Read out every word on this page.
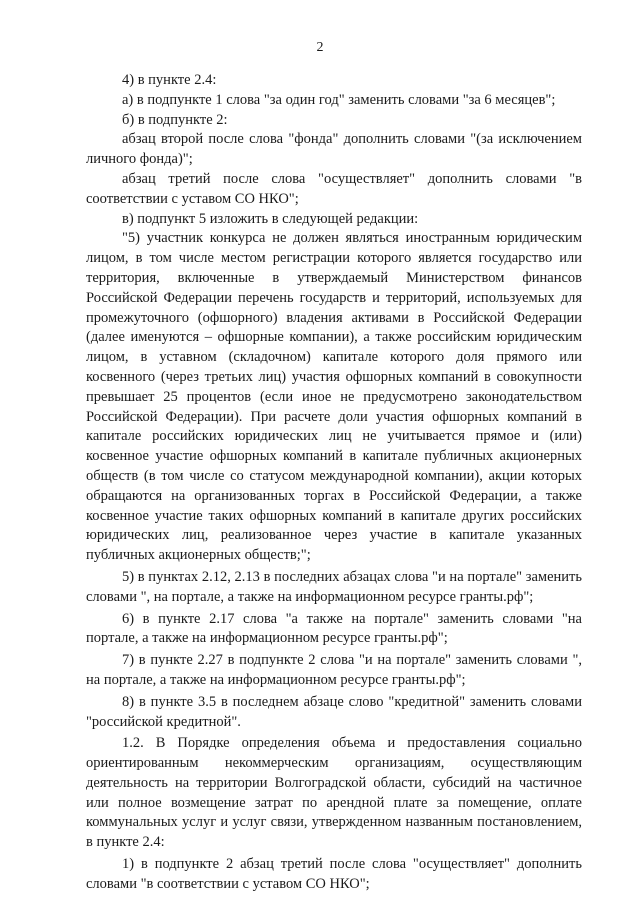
2

4) в пункте 2.4:

а) в подпункте 1 слова "за один год" заменить словами "за 6 месяцев";

б) в подпункте 2:

абзац второй после слова "фонда" дополнить словами "(за исключением личного фонда)";

абзац третий после слова "осуществляет" дополнить словами "в соответствии с уставом СО НКО";

в) подпункт 5 изложить в следующей редакции:

"5) участник конкурса не должен являться иностранным юридическим лицом, в том числе местом регистрации которого является государство или территория, включенные в утверждаемый Министерством финансов Российской Федерации перечень государств и территорий, используемых для промежуточного (офшорного) владения активами в Российской Федерации (далее именуются – офшорные компании), а также российским юридическим лицом, в уставном (складочном) капитале которого доля прямого или косвенного (через третьих лиц) участия офшорных компаний в совокупности превышает 25 процентов (если иное не предусмотрено законодательством Российской Федерации). При расчете доли участия офшорных компаний в капитале российских юридических лиц не учитывается прямое и (или) косвенное участие офшорных компаний в капитале публичных акционерных обществ (в том числе со статусом международной компании), акции которых обращаются на организованных торгах в Российской Федерации, а также косвенное участие таких офшорных компаний в капитале других российских юридических лиц, реализованное через участие в капитале указанных публичных акционерных обществ;";

5) в пунктах 2.12, 2.13 в последних абзацах слова "и на портале" заменить словами ", на портале, а также на информационном ресурсе гранты.рф";

6) в пункте 2.17 слова "а также на портале" заменить словами "на портале, а также на информационном ресурсе гранты.рф";

7) в пункте 2.27 в подпункте 2 слова "и на портале" заменить словами ", на портале, а также на информационном ресурсе гранты.рф";

8) в пункте 3.5 в последнем абзаце слово "кредитной" заменить словами "российской кредитной".

1.2. В Порядке определения объема и предоставления социально ориентированным некоммерческим организациям, осуществляющим деятельность на территории Волгоградской области, субсидий на частичное или полное возмещение затрат по арендной плате за помещение, оплате коммунальных услуг и услуг связи, утвержденном названным постановлением, в пункте 2.4:

1) в подпункте 2 абзац третий после слова "осуществляет" дополнить словами "в соответствии с уставом СО НКО";
